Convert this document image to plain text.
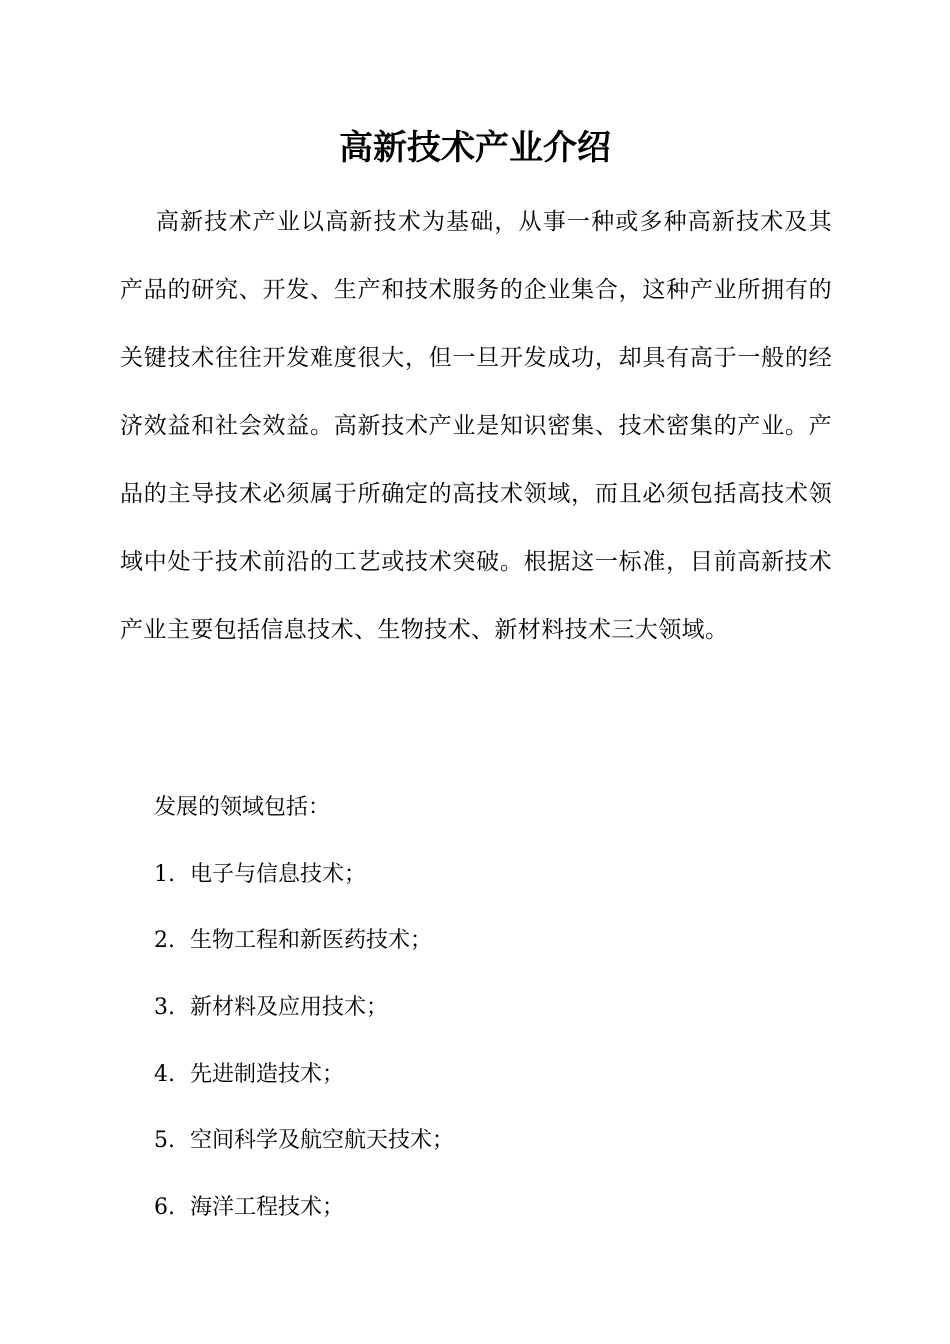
高新技术产业介绍

高新技术产业以高新技术为基础，从事一种或多种高新技术及其产品的研究、开发、生产和技术服务的企业集合，这种产业所拥有的关键技术往往开发难度很大，但一旦开发成功，却具有高于一般的经济效益和社会效益。高新技术产业是知识密集、技术密集的产业。产品的主导技术必须属于所确定的高技术领域，而且必须包括高技术领域中处于技术前沿的工艺或技术突破。根据这一标准，目前高新技术产业主要包括信息技术、生物技术、新材料技术三大领域。

发展的领域包括：

1. 电子与信息技术；

2. 生物工程和新医药技术；

3. 新材料及应用技术；

4. 先进制造技术；

5. 空间科学及航空航天技术；

6. 海洋工程技术；
